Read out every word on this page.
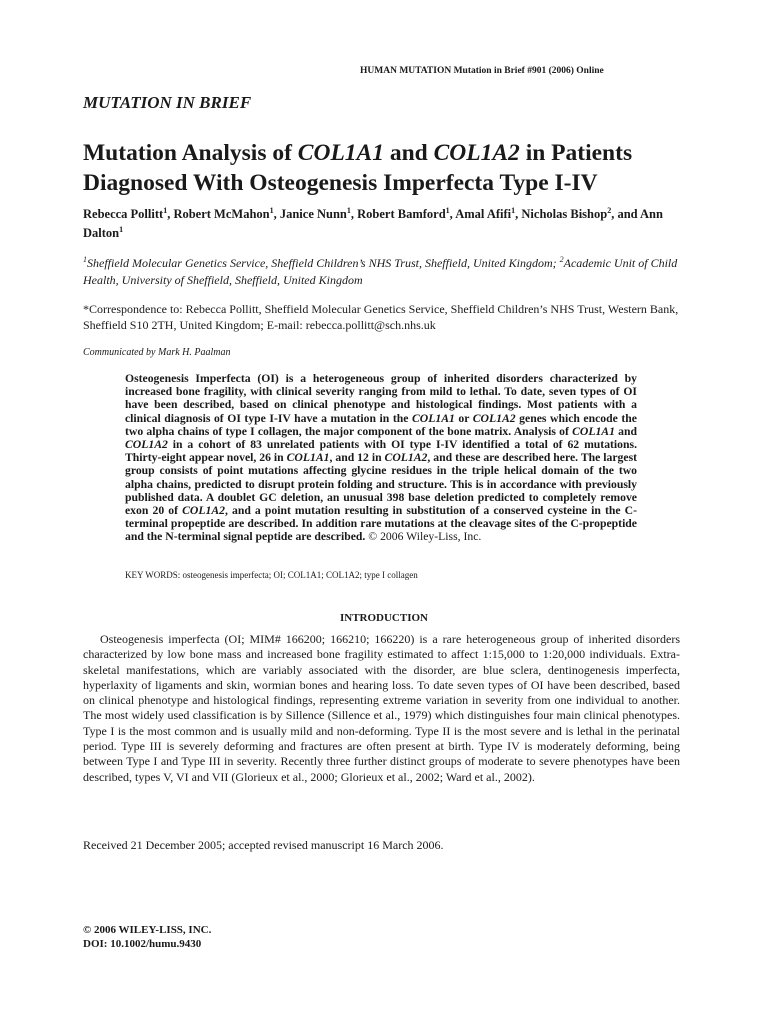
HUMAN MUTATION Mutation in Brief #901 (2006) Online
MUTATION IN BRIEF
Mutation Analysis of COL1A1 and COL1A2 in Patients Diagnosed With Osteogenesis Imperfecta Type I-IV
Rebecca Pollitt$^1$, Robert McMahon$^1$, Janice Nunn$^1$, Robert Bamford$^1$, Amal Afifi$^1$, Nicholas Bishop$^2$, and Ann Dalton$^1$
$^1$Sheffield Molecular Genetics Service, Sheffield Children’s NHS Trust, Sheffield, United Kingdom; $^2$Academic Unit of Child Health, University of Sheffield, Sheffield, United Kingdom
*Correspondence to: Rebecca Pollitt, Sheffield Molecular Genetics Service, Sheffield Children’s NHS Trust, Western Bank, Sheffield S10 2TH, United Kingdom; E-mail: rebecca.pollitt@sch.nhs.uk
Communicated by Mark H. Paalman
Osteogenesis Imperfecta (OI) is a heterogeneous group of inherited disorders characterized by increased bone fragility, with clinical severity ranging from mild to lethal. To date, seven types of OI have been described, based on clinical phenotype and histological findings. Most patients with a clinical diagnosis of OI type I-IV have a mutation in the COL1A1 or COL1A2 genes which encode the two alpha chains of type I collagen, the major component of the bone matrix. Analysis of COL1A1 and COL1A2 in a cohort of 83 unrelated patients with OI type I-IV identified a total of 62 mutations. Thirty-eight appear novel, 26 in COL1A1, and 12 in COL1A2, and these are described here. The largest group consists of point mutations affecting glycine residues in the triple helical domain of the two alpha chains, predicted to disrupt protein folding and structure. This is in accordance with previously published data. A doublet GC deletion, an unusual 398 base deletion predicted to completely remove exon 20 of COL1A2, and a point mutation resulting in substitution of a conserved cysteine in the C-terminal propeptide are described. In addition rare mutations at the cleavage sites of the C-propeptide and the N-terminal signal peptide are described. © 2006 Wiley-Liss, Inc.
KEY WORDS: osteogenesis imperfecta; OI; COL1A1; COL1A2; type I collagen
INTRODUCTION
Osteogenesis imperfecta (OI; MIM# 166200; 166210; 166220) is a rare heterogeneous group of inherited disorders characterized by low bone mass and increased bone fragility estimated to affect 1:15,000 to 1:20,000 individuals. Extra-skeletal manifestations, which are variably associated with the disorder, are blue sclera, dentinogenesis imperfecta, hyperlaxity of ligaments and skin, wormian bones and hearing loss. To date seven types of OI have been described, based on clinical phenotype and histological findings, representing extreme variation in severity from one individual to another. The most widely used classification is by Sillence (Sillence et al., 1979) which distinguishes four main clinical phenotypes. Type I is the most common and is usually mild and non-deforming. Type II is the most severe and is lethal in the perinatal period. Type III is severely deforming and fractures are often present at birth. Type IV is moderately deforming, being between Type I and Type III in severity. Recently three further distinct groups of moderate to severe phenotypes have been described, types V, VI and VII (Glorieux et al., 2000; Glorieux et al., 2002; Ward et al., 2002).
Received 21 December 2005; accepted revised manuscript 16 March 2006.
© 2006 WILEY-LISS, INC.
DOI: 10.1002/humu.9430
